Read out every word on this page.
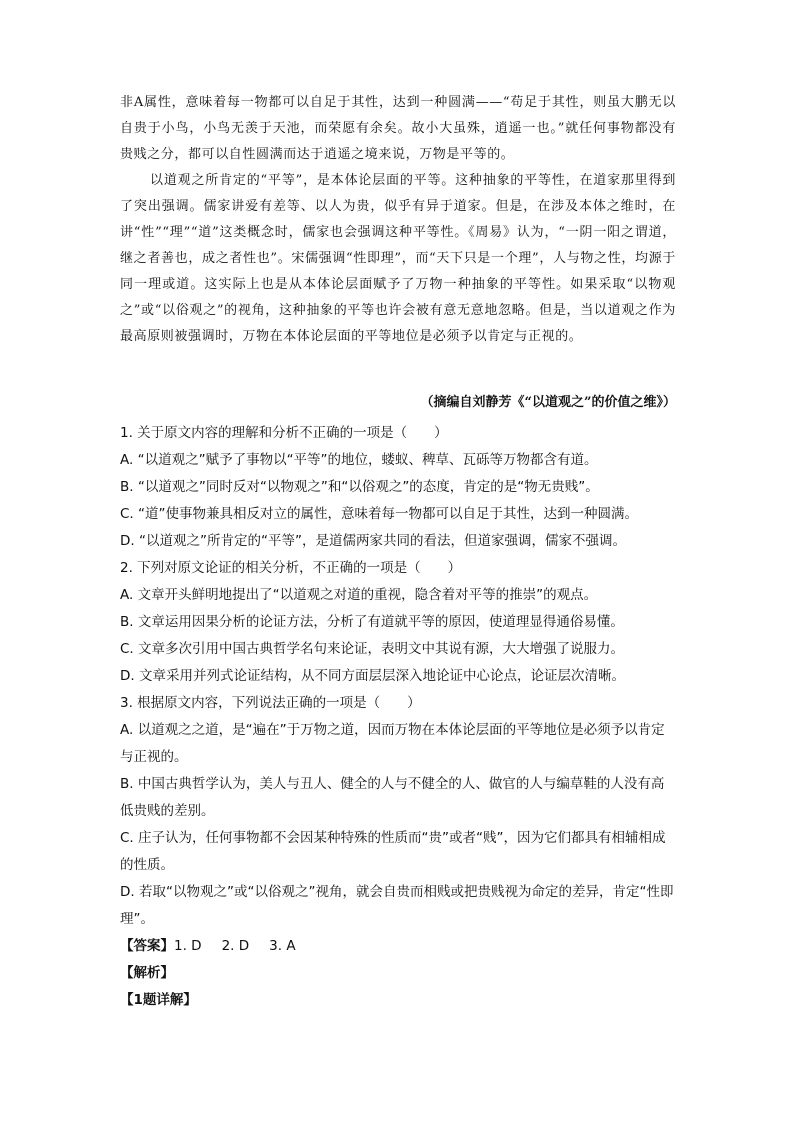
非A属性，意味着每一物都可以自足于其性，达到一种圆满——“苟足于其性，则虽大鹏无以自贵于小鸟，小鸟无羡于天池，而荣愿有余矣。故小大虽殊，逍遥一也。”就任何事物都没有贵贱之分，都可以自性圆满而达于逍遥之境来说，万物是平等的。

以道观之所肯定的“平等”，是本体论层面的平等。这种抽象的平等性，在道家那里得到了突出强调。儒家讲爱有差等、以人为贵，似乎有异于道家。但是，在涉及本体之维时，在讲“性”“理”“道”这类概念时，儒家也会强调这种平等性。《周易》认为，“一阴一阳之谓道，继之者善也，成之者性也”。宋儒强调“性即理”，而“天下只是一个理”，人与物之性，均源于同一理或道。这实际上也是从本体论层面赋予了万物一种抽象的平等性。如果采取“以物观之”或“以俗观之”的视角，这种抽象的平等也许会被有意无意地忽略。但是，当以道观之作为最高原则被强调时，万物在本体论层面的平等地位是必须予以肯定与正视的。

（摘编自刘静芳《“以道观之”的价值之维》）
1. 关于原文内容的理解和分析不正确的一项是（　　）
A. “以道观之”赋予了事物以“平等”的地位，蝼蚁、稗草、瓦砾等万物都含有道。
B. “以道观之”同时反对“以物观之”和“以俗观之”的态度，肯定的是“物无贵贱”。
C. “道”使事物兼具相反对立的属性，意味着每一物都可以自足于其性，达到一种圆满。
D. “以道观之”所肯定的“平等”，是道儒两家共同的看法，但道家强调，儒家不强调。
2. 下列对原文论证的相关分析，不正确的一项是（　　）
A. 文章开头鲜明地提出了“以道观之对道的重视，隐含着对平等的推崇”的观点。
B. 文章运用因果分析的论证方法，分析了有道就平等的原因，使道理显得通俗易懂。
C. 文章多次引用中国古典哲学名句来论证，表明文中其说有源，大大增强了说服力。
D. 文章采用并列式论证结构，从不同方面层层深入地论证中心论点，论证层次清晰。
3. 根据原文内容，下列说法正确的一项是（　　）
A. 以道观之之道，是“遍在”于万物之道，因而万物在本体论层面的平等地位是必须予以肯定与正视的。
B. 中国古典哲学认为，美人与丑人、健全的人与不健全的人、做官的人与编草鞋的人没有高低贵贱的差别。
C. 庄子认为，任何事物都不会因某种特殊的性质而“贵”或者“贱”，因为它们都具有相辅相成的性质。
D. 若取“以物观之”或“以俗观之”视角，就会自贵而相贱或把贵贱视为命定的差异，肯定“性即理”。
【答案】1. D 2. D 3. A
【解析】
【1题详解】
